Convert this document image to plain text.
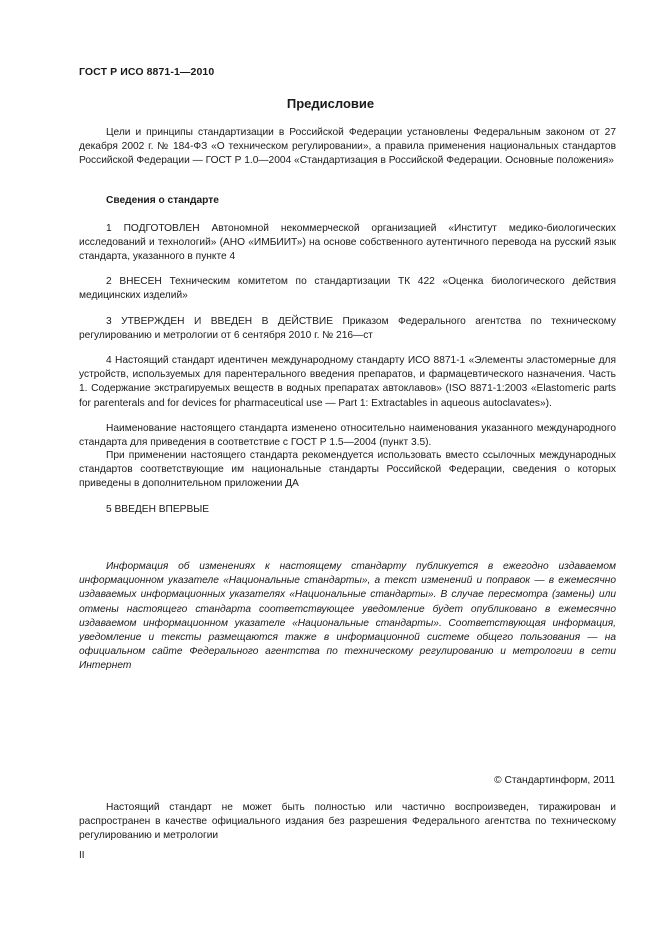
ГОСТ Р ИСО 8871-1—2010
Предисловие

Цели и принципы стандартизации в Российской Федерации установлены Федеральным законом от 27 декабря 2002 г. № 184-ФЗ «О техническом регулировании», а правила применения национальных стандартов Российской Федерации — ГОСТ Р 1.0—2004 «Стандартизация в Российской Федерации. Основные положения»

Сведения о стандарте

1 ПОДГОТОВЛЕН Автономной некоммерческой организацией «Институт медико-биологических исследований и технологий» (АНО «ИМБИИТ») на основе собственного аутентичного перевода на русский язык стандарта, указанного в пункте 4

2 ВНЕСЕН Техническим комитетом по стандартизации ТК 422 «Оценка биологического действия медицинских изделий»

3 УТВЕРЖДЕН И ВВЕДЕН В ДЕЙСТВИЕ Приказом Федерального агентства по техническому регулированию и метрологии от 6 сентября 2010 г. № 216—ст

4 Настоящий стандарт идентичен международному стандарту ИСО 8871-1 «Элементы эластомерные для устройств, используемых для парентерального введения препаратов, и фармацевтического назначения. Часть 1. Содержание экстрагируемых веществ в водных препаратах автоклавов» (ISO 8871-1:2003 «Elastomeric parts for parenterals and for devices for pharmaceutical use — Part 1: Extractables in aqueous autoclavates»).

Наименование настоящего стандарта изменено относительно наименования указанного международного стандарта для приведения в соответствие с ГОСТ Р 1.5—2004 (пункт 3.5).

При применении настоящего стандарта рекомендуется использовать вместо ссылочных международных стандартов соответствующие им национальные стандарты Российской Федерации, сведения о которых приведены в дополнительном приложении ДА

5 ВВЕДЕН ВПЕРВЫЕ

Информация об изменениях к настоящему стандарту публикуется в ежегодно издаваемом информационном указателе «Национальные стандарты», а текст изменений и поправок — в ежемесячно издаваемых информационных указателях «Национальные стандарты». В случае пересмотра (замены) или отмены настоящего стандарта соответствующее уведомление будет опубликовано в ежемесячно издаваемом информационном указателе «Национальные стандарты». Соответствующая информация, уведомление и тексты размещаются также в информационной системе общего пользования — на официальном сайте Федерального агентства по техническому регулированию и метрологии в сети Интернет

© Стандартинформ, 2011

Настоящий стандарт не может быть полностью или частично воспроизведен, тиражирован и распространен в качестве официального издания без разрешения Федерального агентства по техническому регулированию и метрологии

II
